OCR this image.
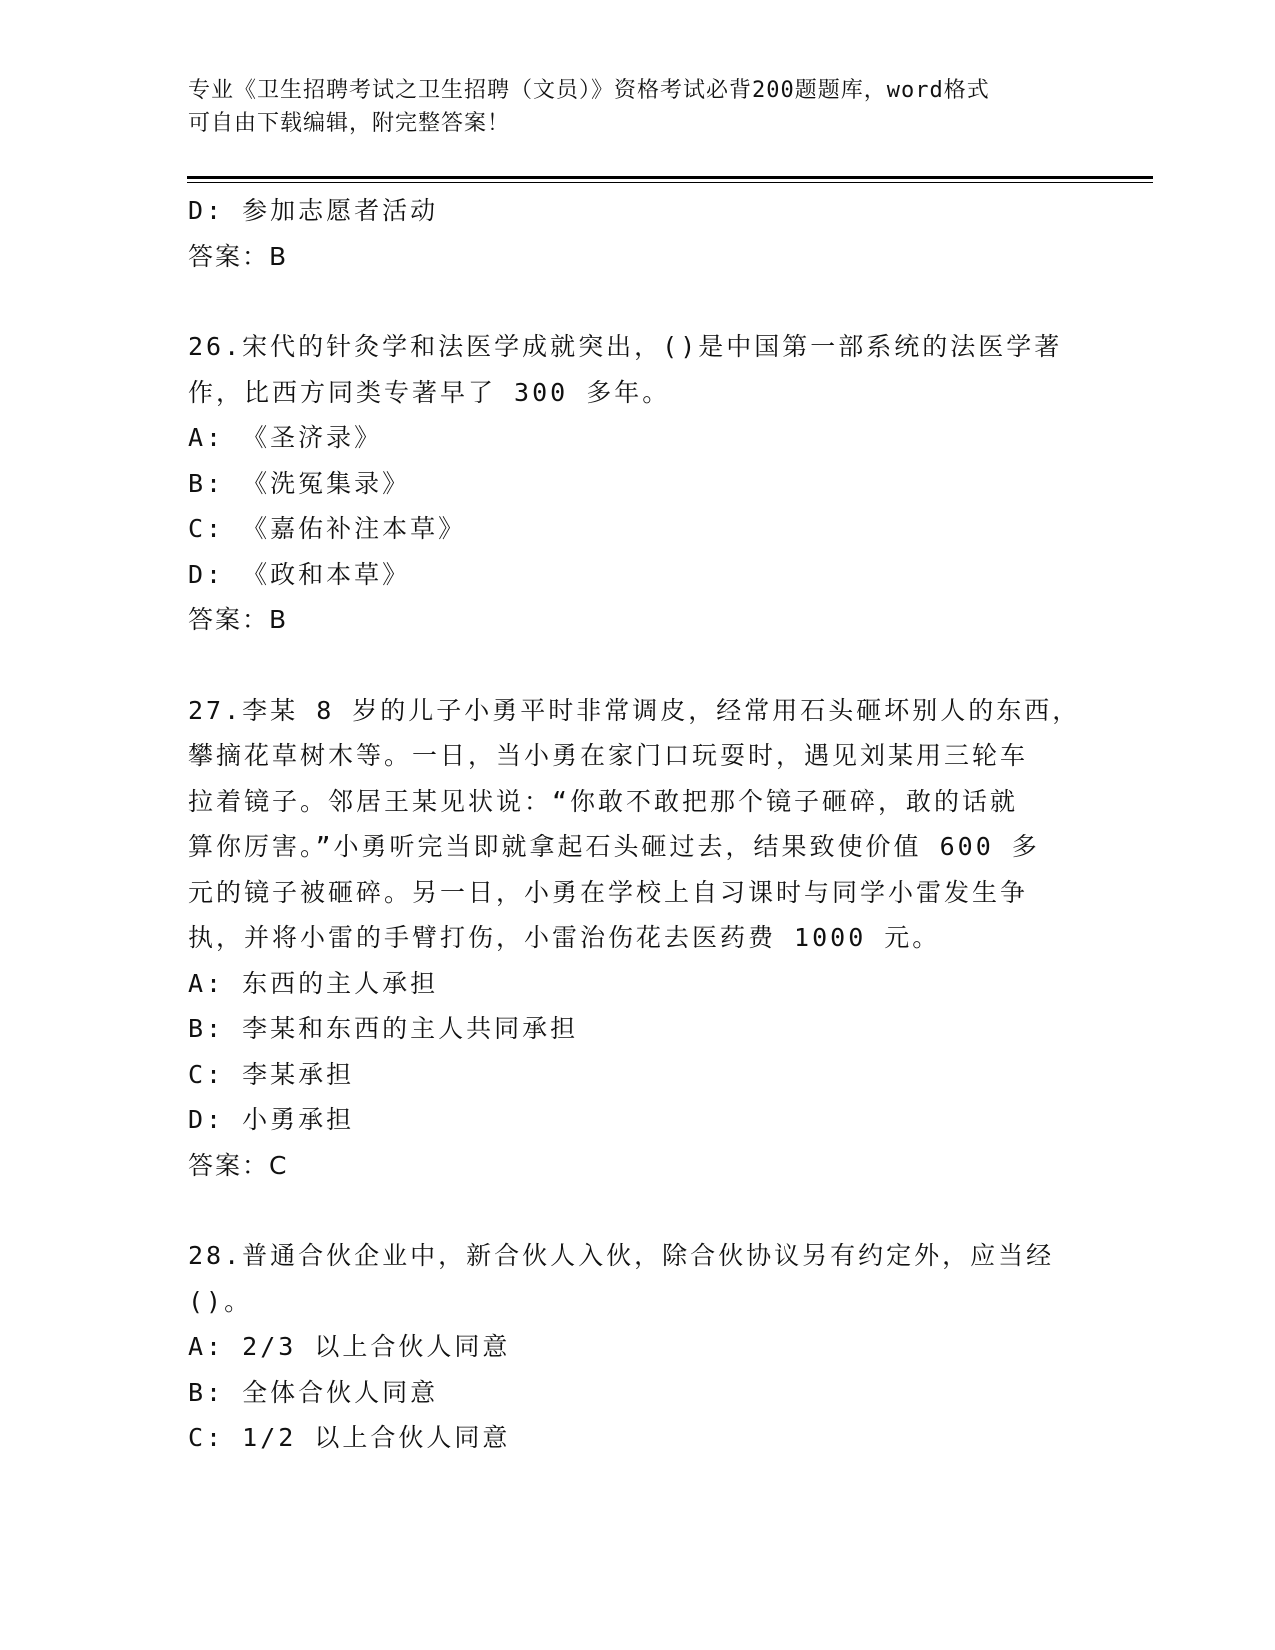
专业《卫生招聘考试之卫生招聘（文员）》资格考试必背200题题库，word格式
可自由下载编辑，附完整答案！
D: 参加志愿者活动
答案：B
26.宋代的针灸学和法医学成就突出，()是中国第一部系统的法医学著
作，比西方同类专著早了 300 多年。
A: 《圣济录》
B: 《洗冤集录》
C: 《嘉佑补注本草》
D: 《政和本草》
答案：B
27.李某 8 岁的儿子小勇平时非常调皮，经常用石头砸坏别人的东西，
攀摘花草树木等。一日，当小勇在家门口玩耍时，遇见刘某用三轮车
拉着镜子。邻居王某见状说：“你敢不敢把那个镜子砸碎，敢的话就
算你厉害。”小勇听完当即就拿起石头砸过去，结果致使价值 600 多
元的镜子被砸碎。另一日，小勇在学校上自习课时与同学小雷发生争
执，并将小雷的手臂打伤，小雷治伤花去医药费 1000 元。
A: 东西的主人承担
B: 李某和东西的主人共同承担
C: 李某承担
D: 小勇承担
答案：C
28.普通合伙企业中，新合伙人入伙，除合伙协议另有约定外，应当经
()。
A: 2/3 以上合伙人同意
B: 全体合伙人同意
C: 1/2 以上合伙人同意
